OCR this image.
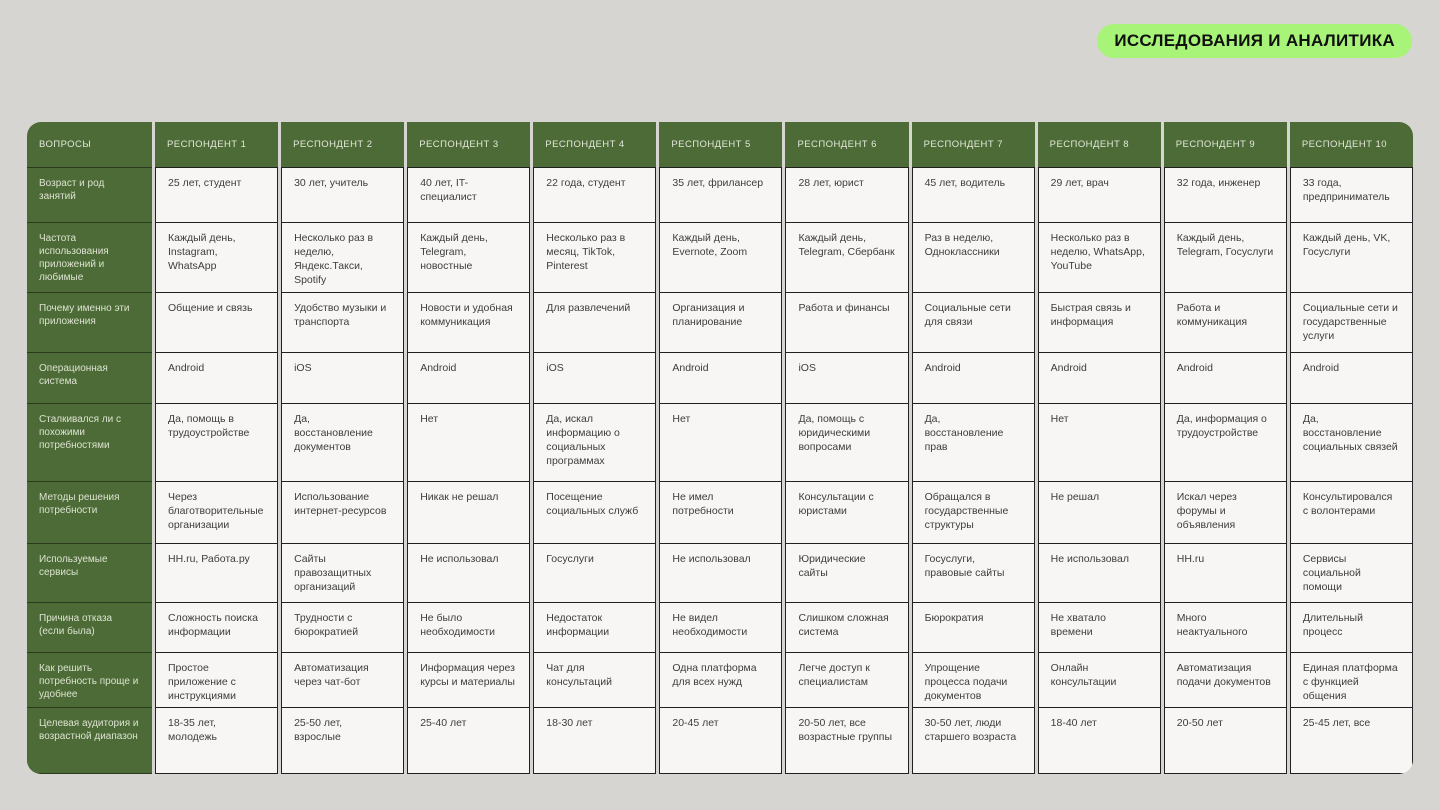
ИССЛЕДОВАНИЯ И АНАЛИТИКА
ВОПРОСЫ
Возраст и род занятий
Частота использования приложений и любимые
Почему именно эти приложения
Операционная система
Сталкивался ли с похожими потребностями
Методы решения потребности
Используемые сервисы
Причина отказа (если была)
Как решить потребность проще и удобнее
Целевая аудитория и возрастной диапазон
РЕСПОНДЕНТ 1
25 лет, студент
Каждый день, Instagram, WhatsApp
Общение и связь
Android
Да, помощь в трудоустройстве
Через благотворительные организации
HH.ru, Работа.ру
Сложность поиска информации
Простое приложение с инструкциями
18-35 лет, молодежь
РЕСПОНДЕНТ 2
30 лет, учитель
Несколько раз в неделю, Яндекс.Такси, Spotify
Удобство музыки и транспорта
iOS
Да, восстановление документов
Использование интернет-ресурсов
Сайты правозащитных организаций
Трудности с бюрократией
Автоматизация через чат-бот
25-50 лет, взрослые
РЕСПОНДЕНТ 3
40 лет, IT-специалист
Каждый день, Telegram, новостные
Новости и удобная коммуникация
Android
Нет
Никак не решал
Не использовал
Не было необходимости
Информация через курсы и материалы
25-40 лет
РЕСПОНДЕНТ 4
22 года, студент
Несколько раз в месяц, TikTok, Pinterest
Для развлечений
iOS
Да, искал информацию о социальных программах
Посещение социальных служб
Госуслуги
Недостаток информации
Чат для консультаций
18-30 лет
РЕСПОНДЕНТ 5
35 лет, фрилансер
Каждый день, Evernote, Zoom
Организация и планирование
Android
Нет
Не имел потребности
Не использовал
Не видел необходимости
Одна платформа для всех нужд
20-45 лет
РЕСПОНДЕНТ 6
28 лет, юрист
Каждый день, Telegram, Сбербанк
Работа и финансы
iOS
Да, помощь с юридическими вопросами
Консультации с юристами
Юридические сайты
Слишком сложная система
Легче доступ к специалистам
20-50 лет, все возрастные группы
РЕСПОНДЕНТ 7
45 лет, водитель
Раз в неделю, Одноклассники
Социальные сети для связи
Android
Да, восстановление прав
Обращался в государственные структуры
Госуслуги, правовые сайты
Бюрократия
Упрощение процесса подачи документов
30-50 лет, люди старшего возраста
РЕСПОНДЕНТ 8
29 лет, врач
Несколько раз в неделю, WhatsApp, YouTube
Быстрая связь и информация
Android
Нет
Не решал
Не использовал
Не хватало времени
Онлайн консультации
18-40 лет
РЕСПОНДЕНТ 9
32 года, инженер
Каждый день, Telegram, Госуслуги
Работа и коммуникация
Android
Да, информация о трудоустройстве
Искал через форумы и объявления
HH.ru
Много неактуального
Автоматизация подачи документов
20-50 лет
РЕСПОНДЕНТ 10
33 года, предприниматель
Каждый день, VK, Госуслуги
Социальные сети и государственные услуги
Android
Да, восстановление социальных связей
Консультировался с волонтерами
Сервисы социальной помощи
Длительный процесс
Единая платформа с функцией общения
25-45 лет, все
